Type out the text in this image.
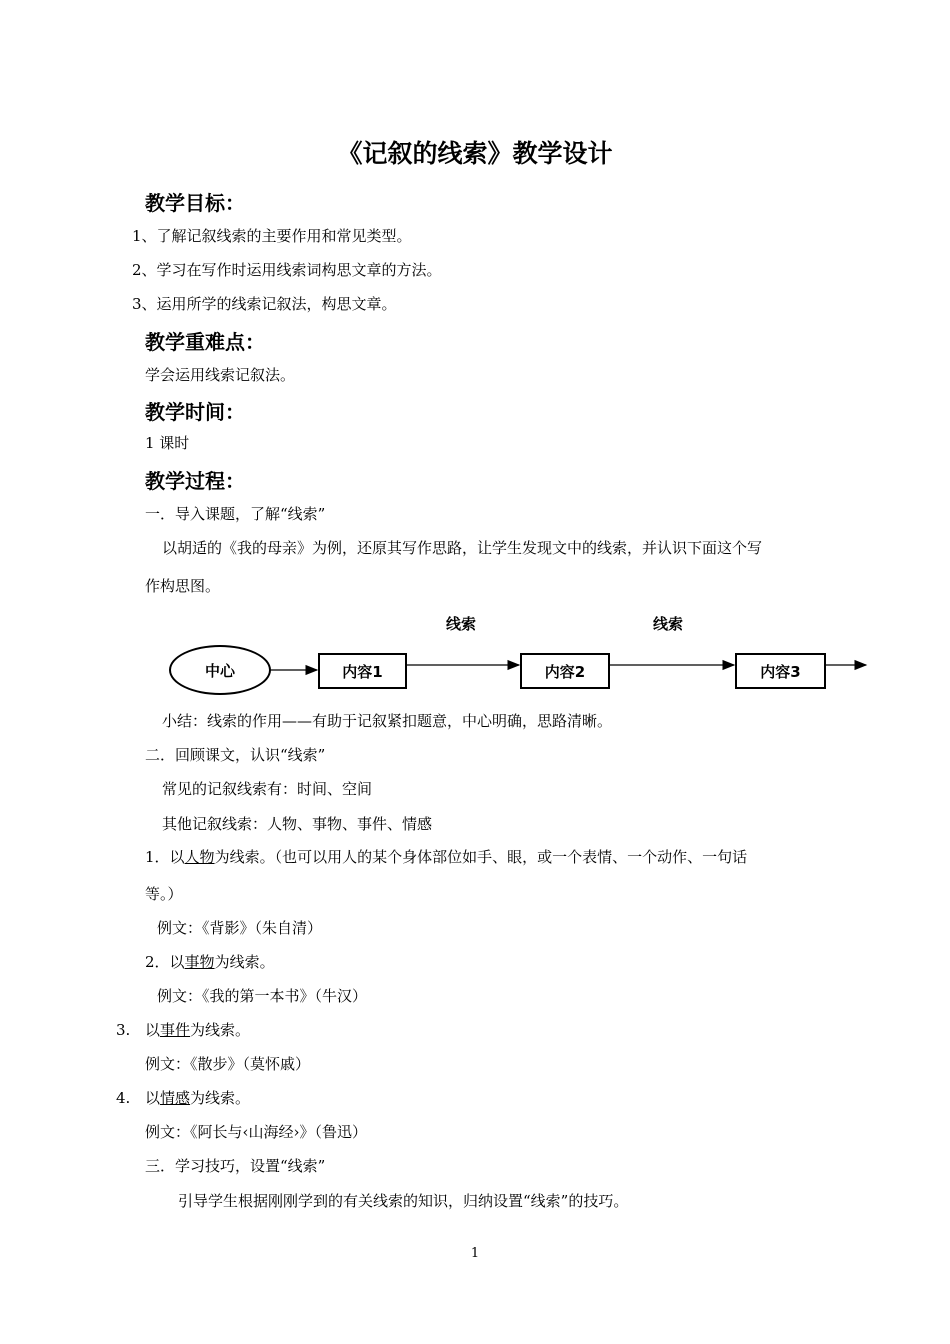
《记叙的线索》教学设计
教学目标：
1、了解记叙线索的主要作用和常见类型。
2、学习在写作时运用线索词构思文章的方法。
3、运用所学的线索记叙法，构思文章。
教学重难点：
学会运用线索记叙法。
教学时间：
1 课时
教学过程：
一．导入课题，了解“线索”
以胡适的《我的母亲》为例，还原其写作思路，让学生发现文中的线索，并认识下面这个写
作构思图。
线索	线索
中心	内容1	内容2	内容3
小结：线索的作用——有助于记叙紧扣题意，中心明确，思路清晰。
二．回顾课文，认识“线索”
常见的记叙线索有：时间、空间
其他记叙线索：人物、事物、事件、情感
1．以人物为线索。（也可以用人的某个身体部位如手、眼，或一个表情、一个动作、一句话
等。）
例文：《背影》（朱自清）
2．以事物为线索。
例文：《我的第一本书》（牛汉）
3. 以事件为线索。
例文：《散步》（莫怀戚）
4. 以情感为线索。
例文：《阿长与‹山海经›》（鲁迅）
三．学习技巧，设置“线索”
引导学生根据刚刚学到的有关线索的知识，归纳设置“线索”的技巧。
1
